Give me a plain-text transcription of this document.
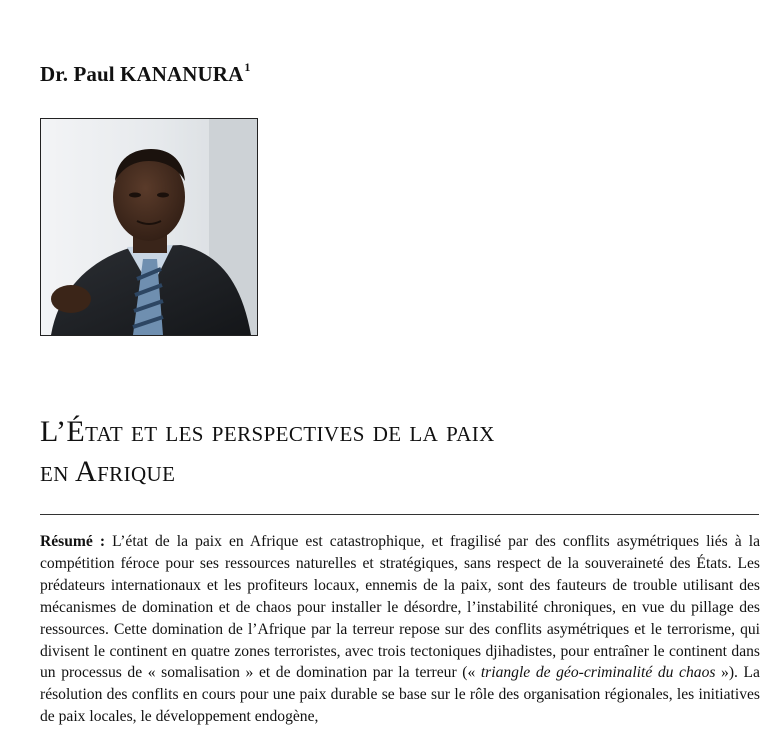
Dr. Paul KANANURA$^1$
L’État et les perspectives de la paix
en Afrique

Résumé : L’état de la paix en Afrique est catastrophique, et fragilisé par des conflits asymétriques liés à la compétition féroce pour ses ressources naturelles et stratégiques, sans respect de la souveraineté des États. Les prédateurs internationaux et les profiteurs locaux, ennemis de la paix, sont des fauteurs de trouble utilisant des mécanismes de domination et de chaos pour installer le désordre, l’instabilité chroniques, en vue du pillage des ressources. Cette domination de l’Afrique par la terreur repose sur des conflits asymétriques et le terrorisme, qui divisent le continent en quatre zones terroristes, avec trois tectoniques djihadistes, pour entraîner le continent dans un processus de « somalisation » et de domination par la terreur (« triangle de géo-criminalité du chaos »). La résolution des conflits en cours pour une paix durable se base sur le rôle des organisation régionales, les initiatives de paix locales, le développement endogène,
